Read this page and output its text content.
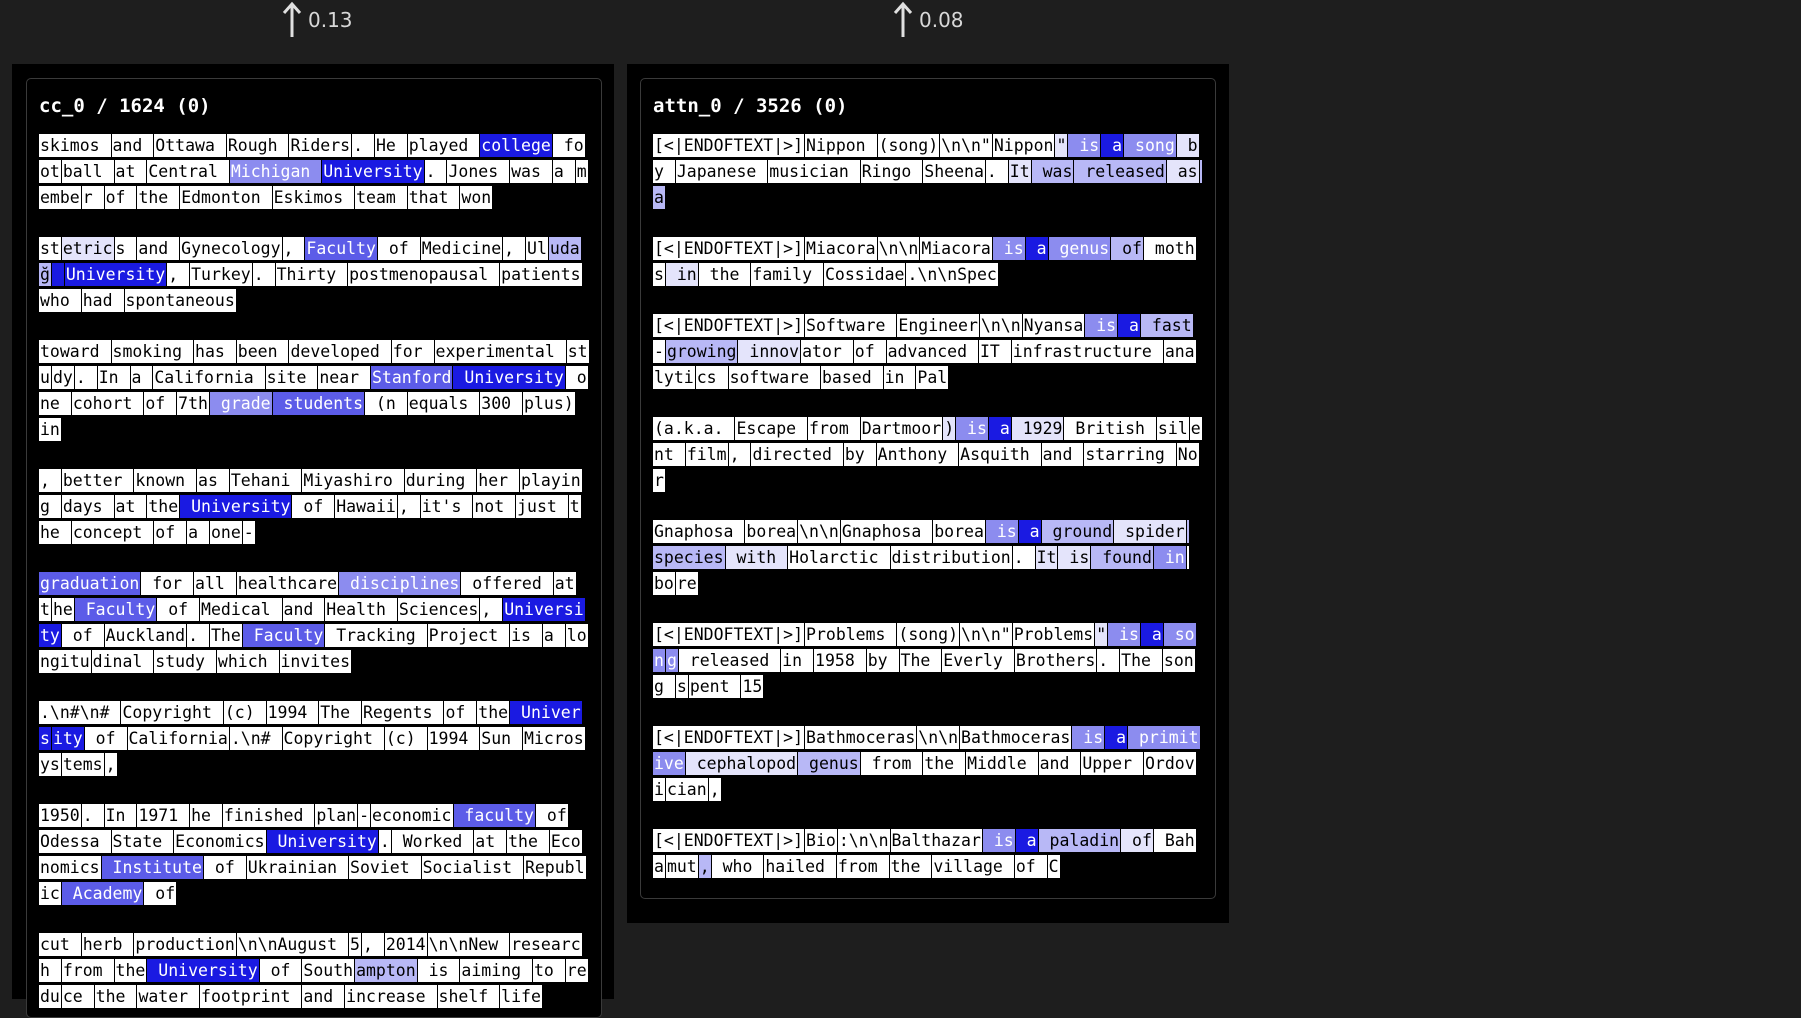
0.13	0.08
cc_0 / 1624 (0)
skimos and Ottawa Rough Riders . He played college foot ball at Central Michigan University . Jones was a membe r of the Edmonton Eskimos team that won
st etric s and Gynecology , Faculty of Medicine , Ul udağ University , Turkey . Thirty postmenopausal patients who had spontaneous
toward smoking has been developed for experimental stu dy . In a California site near Stanford University one cohort of 7th grade students (n equals 300 plus) in
, better known as Tehani Miyashiro during her playing days at the University of Hawaii , it's not just the concept of a one -
graduation for all healthcare disciplines offered at t he Faculty of Medical and Health Sciences , University of Auckland . The Faculty Tracking Project is a longitu dinal study which invites
.\n#\n# Copyright (c) 1994 The Regents of the Univers ity of California .\n# Copyright (c) 1994 Sun Microsys tems ,
1950 . In 1971 he finished plan - economic faculty of Odessa State Economics University . Worked at the Economics Institute of Ukrainian Soviet Socialist Republic Academy of
cut herb production \n\nAugust 5 , 2014 \n\nNew research from the University of South ampton is aiming to redu ce the water footprint and increase shelf life
attn_0 / 3526 (0)
[<|ENDOFTEXT|>] Nippon (song) \n\n" Nippon " is a song by Japanese musician Ringo Sheena . It was released as a
[<|ENDOFTEXT|>] Miacora \n\n Miacora is a genus of moths in the family Cossidae .\n\nSpec
[<|ENDOFTEXT|>] Software Engineer \n\n Nyansa is a fast- growing innov ator of advanced IT infrastructure analyti cs software based in Pal
(a.k.a. Escape from Dartmoor ) is a 1929 British sil ent film , directed by Anthony Asquith and starring Nor
Gnaphosa borea \n\n Gnaphosa borea is a ground spider species with Holarctic distribution . It is found in bo re
[<|ENDOFTEXT|>] Problems (song) \n\n" Problems " is a son g released in 1958 by The Everly Brothers . The song s pent 15
[<|ENDOFTEXT|>] Bathmoceras \n\n Bathmoceras is a primitive cephalopod genus from the Middle and Upper Ordovi cian ,
[<|ENDOFTEXT|>] Bio :\n\n Balthazar is a paladin of Baha mut , who hailed from the village of C
